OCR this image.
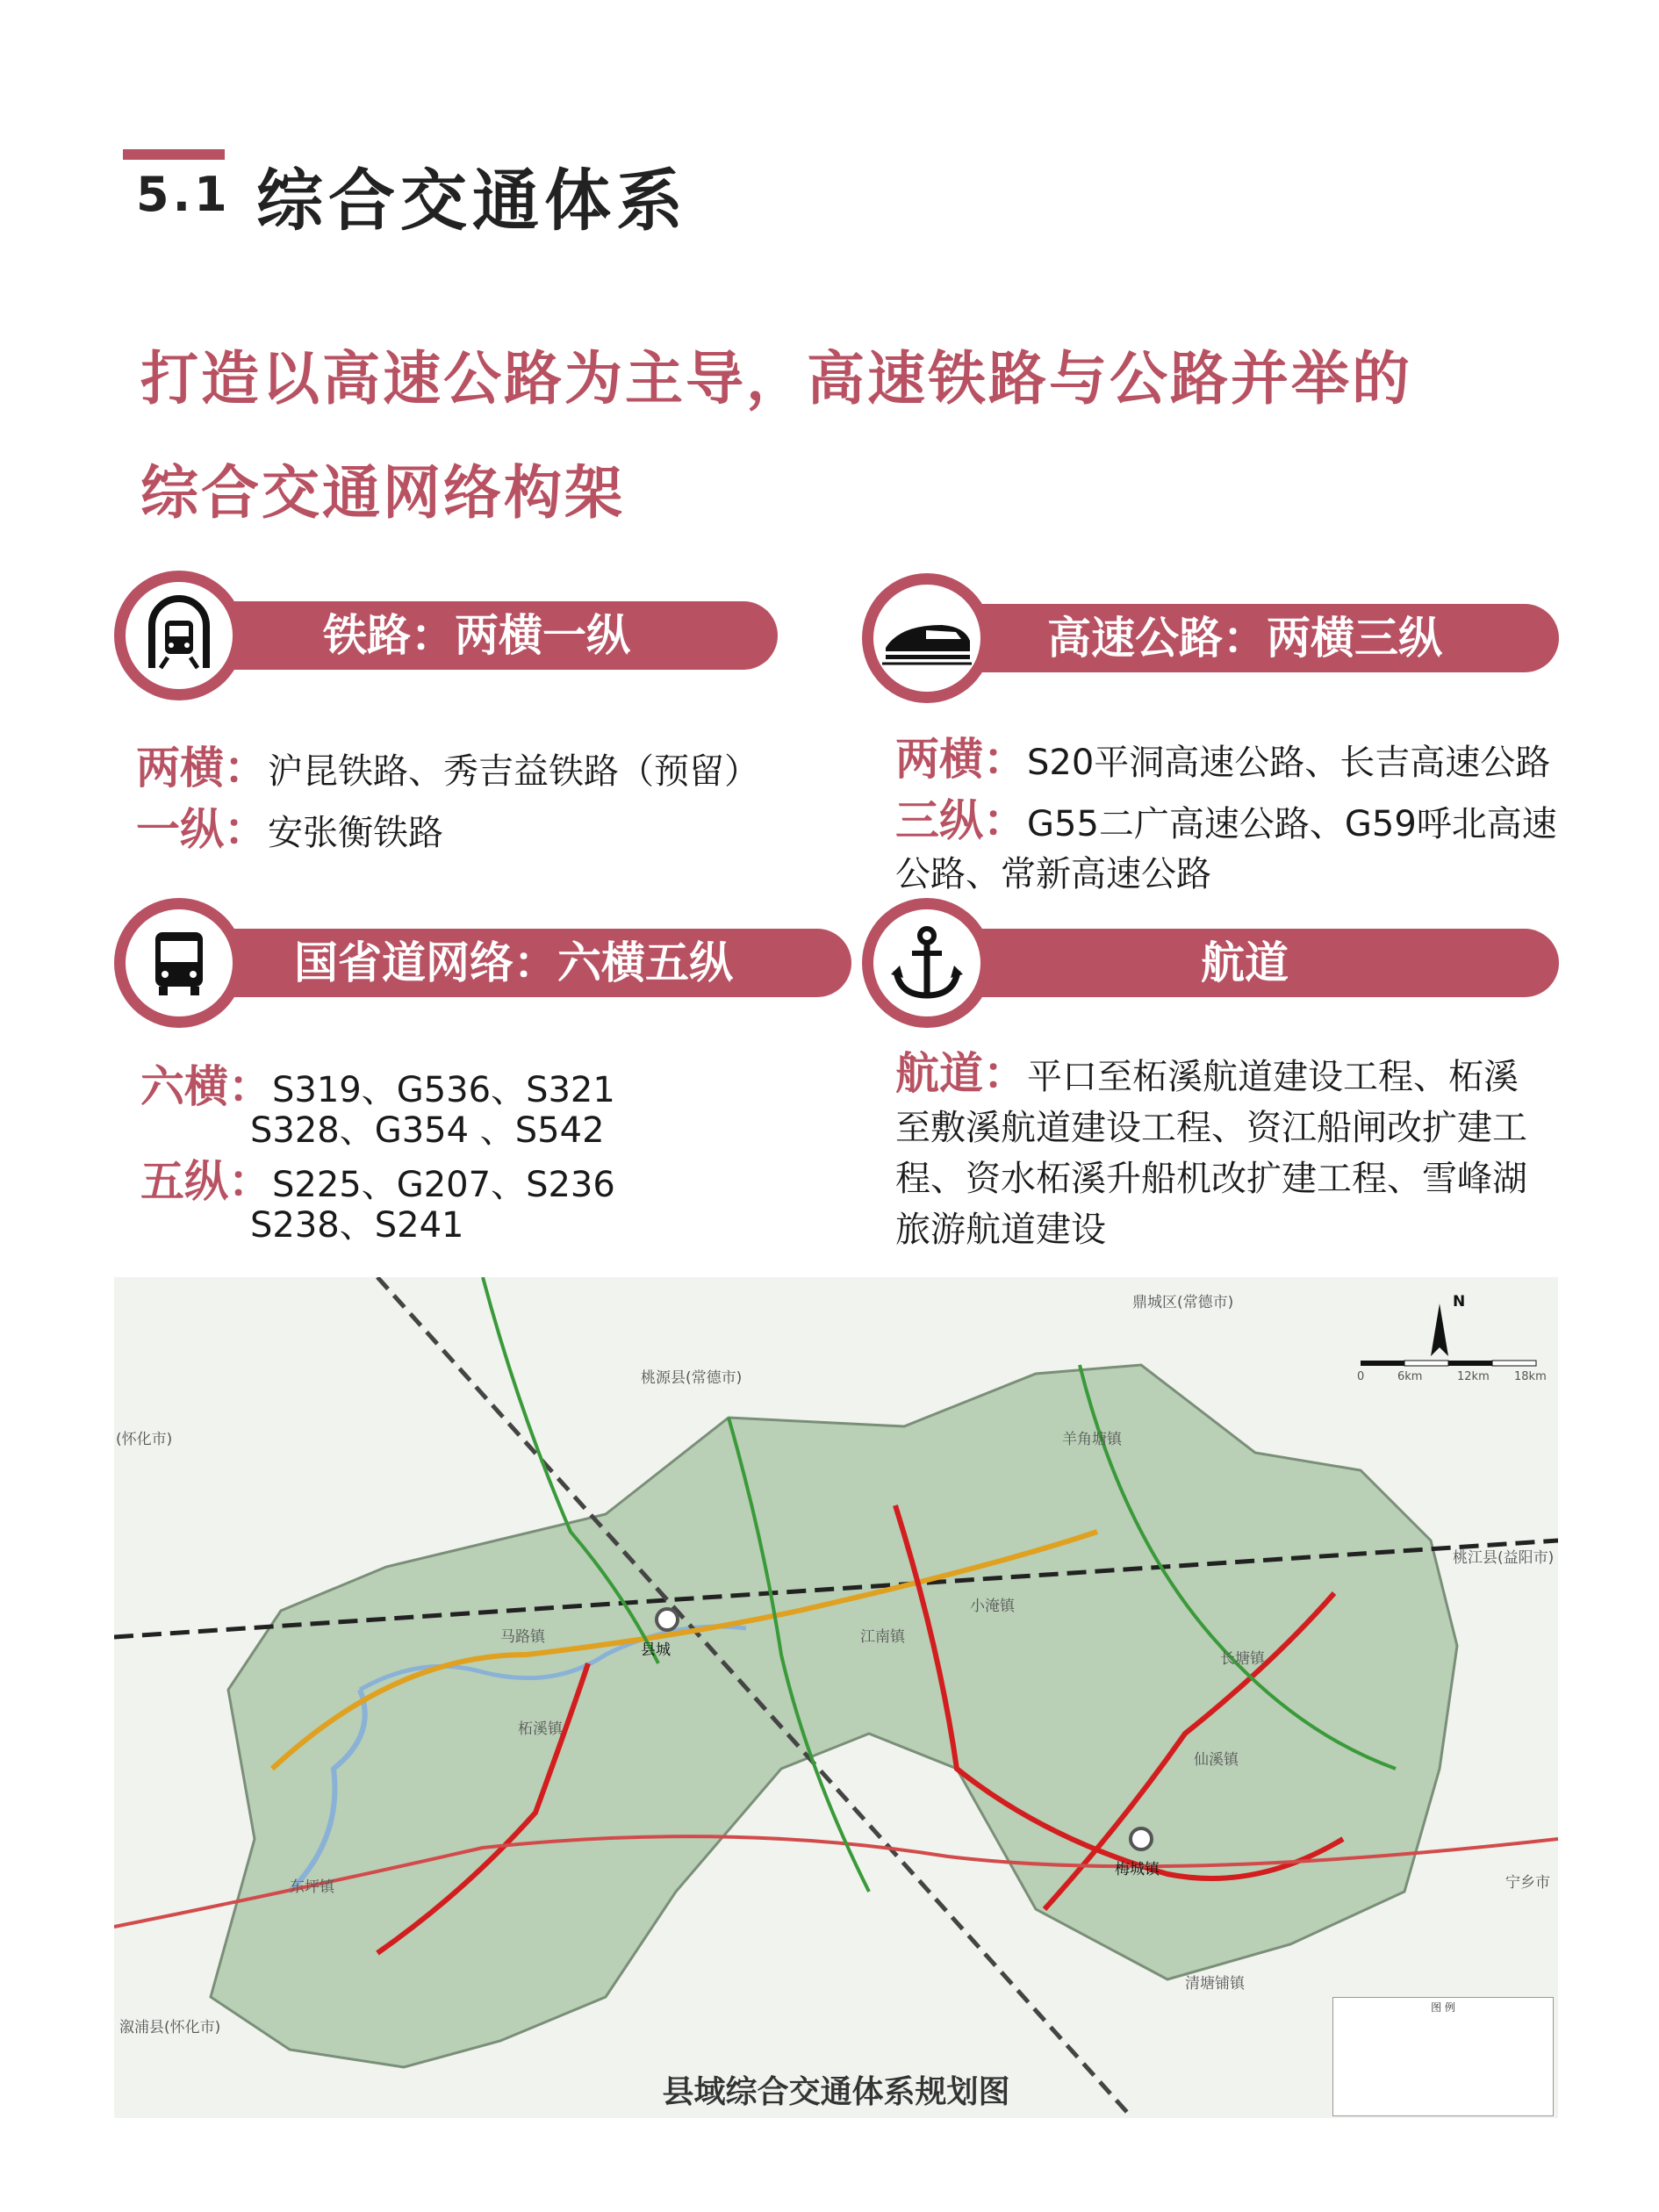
5.1 综合交通体系
打造以高速公路为主导，高速铁路与公路并举的
综合交通网络构架
铁路：两横一纵
两横：沪昆铁路、秀吉益铁路（预留）
一纵：安张衡铁路
高速公路：两横三纵
两横：S20平洞高速公路、长吉高速公路
三纵：G55二广高速公路、G59呼北高速
公路、常新高速公路
国省道网络：六横五纵
六横：S319、G536、S321
S328、G354 、S542
五纵：S225、G207、S236
S238、S241
航道
航道：平口至柘溪航道建设工程、柘溪
至敷溪航道建设工程、资江船闸改扩建工
程、资水柘溪升船机改扩建工程、雪峰湖
旅游航道建设
N
0	6km	12km 18km
鼎城区(常德市)
桃源县(常德市)
桃江县(益阳市)
(怀化市)
溆浦县(怀化市)
宁乡市
县城
梅城镇
柘溪镇
长塘镇
仙溪镇
小淹镇
江南镇
羊角塘镇
清塘铺镇
东坪镇
马路镇
图 例
县域综合交通体系规划图
